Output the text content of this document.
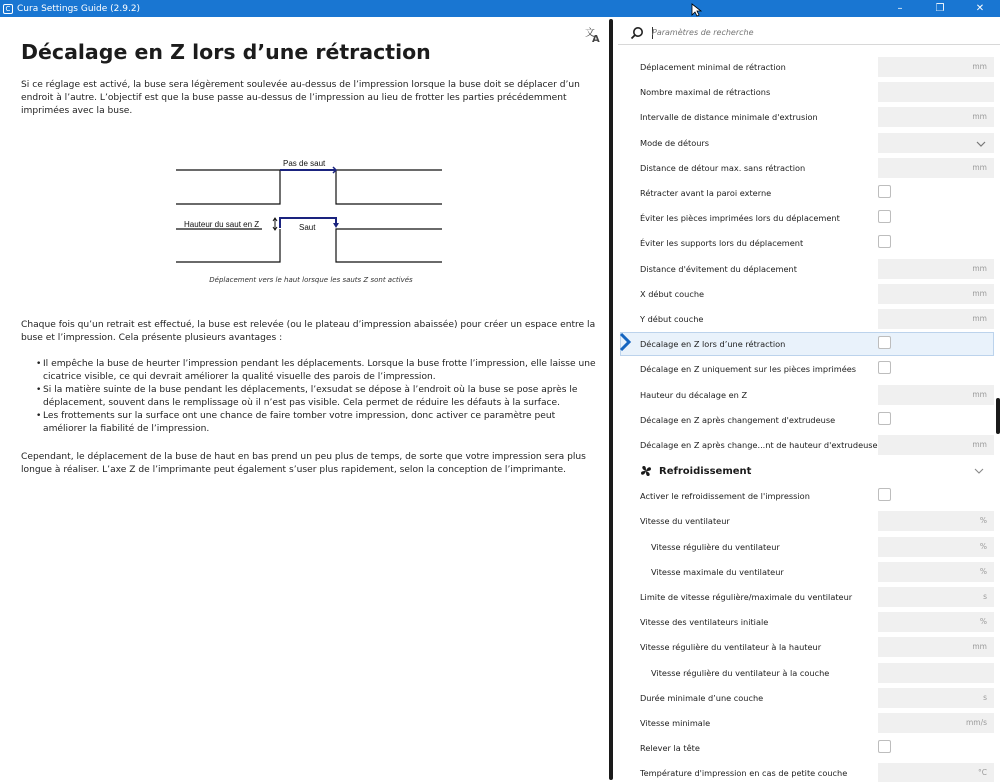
C Cura Settings Guide (2.9.2)	–	❐	✕
文
A
Décalage en Z lors d’une rétraction

Si ce réglage est activé, la buse sera légèrement soulevée au-dessus de l’impression lorsque la buse doit se déplacer d’un endroit à l’autre. L’objectif est que la buse passe au-dessus de l’impression au lieu de frotter les parties précédemment imprimées avec la buse.

Pas de saut
Hauteur du saut en Z	Saut
Déplacement vers le haut lorsque les sauts Z sont activés

Chaque fois qu’un retrait est effectué, la buse est relevée (ou le plateau d’impression abaissée) pour créer un espace entre la buse et l’impression. Cela présente plusieurs avantages :

• Il empêche la buse de heurter l’impression pendant les déplacements. Lorsque la buse frotte l’impression, elle laisse une cicatrice visible, ce qui devrait améliorer la qualité visuelle des parois de l’impression.
• Si la matière suinte de la buse pendant les déplacements, l’exsudat se dépose à l’endroit où la buse se pose après le déplacement, souvent dans le remplissage où il n’est pas visible. Cela permet de réduire les défauts à la surface.
• Les frottements sur la surface ont une chance de faire tomber votre impression, donc activer ce paramètre peut améliorer la fiabilité de l’impression.

Cependant, le déplacement de la buse de haut en bas prend un peu plus de temps, de sorte que votre impression sera plus longue à réaliser. L’axe Z de l’imprimante peut également s’user plus rapidement, selon la conception de l’imprimante.

Paramètres de recherche
Déplacement minimal de rétraction	mm
Nombre maximal de rétractions
Intervalle de distance minimale d'extrusion	mm
Mode de détours
Distance de détour max. sans rétraction	mm
Rétracter avant la paroi externe
Éviter les pièces imprimées lors du déplacement
Éviter les supports lors du déplacement
Distance d'évitement du déplacement	mm
X début couche	mm
Y début couche	mm
Décalage en Z lors d’une rétraction
Décalage en Z uniquement sur les pièces imprimées
Hauteur du décalage en Z	mm
Décalage en Z après changement d'extrudeuse
Décalage en Z après change...nt de hauteur d'extrudeuse	mm
Refroidissement
Activer le refroidissement de l'impression
Vitesse du ventilateur	%
Vitesse régulière du ventilateur	%
Vitesse maximale du ventilateur	%
Limite de vitesse régulière/maximale du ventilateur	s
Vitesse des ventilateurs initiale	%
Vitesse régulière du ventilateur à la hauteur	mm
Vitesse régulière du ventilateur à la couche
Durée minimale d’une couche	s
Vitesse minimale	mm/s
Relever la tête
Température d'impression en cas de petite couche	°C
